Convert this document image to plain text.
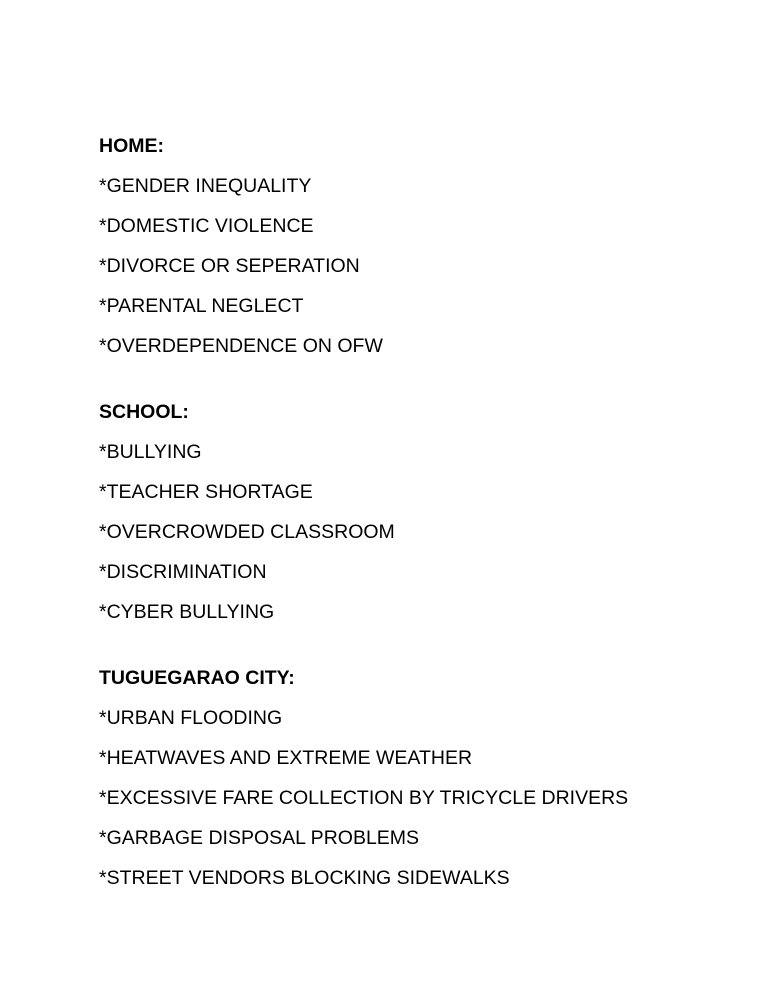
HOME:

*GENDER INEQUALITY

*DOMESTIC VIOLENCE

*DIVORCE OR SEPERATION

*PARENTAL NEGLECT

*OVERDEPENDENCE ON OFW

SCHOOL:

*BULLYING

*TEACHER SHORTAGE

*OVERCROWDED CLASSROOM

*DISCRIMINATION

*CYBER BULLYING

TUGUEGARAO CITY:

*URBAN FLOODING

*HEATWAVES AND EXTREME WEATHER

*EXCESSIVE FARE COLLECTION BY TRICYCLE DRIVERS

*GARBAGE DISPOSAL PROBLEMS

*STREET VENDORS BLOCKING SIDEWALKS
